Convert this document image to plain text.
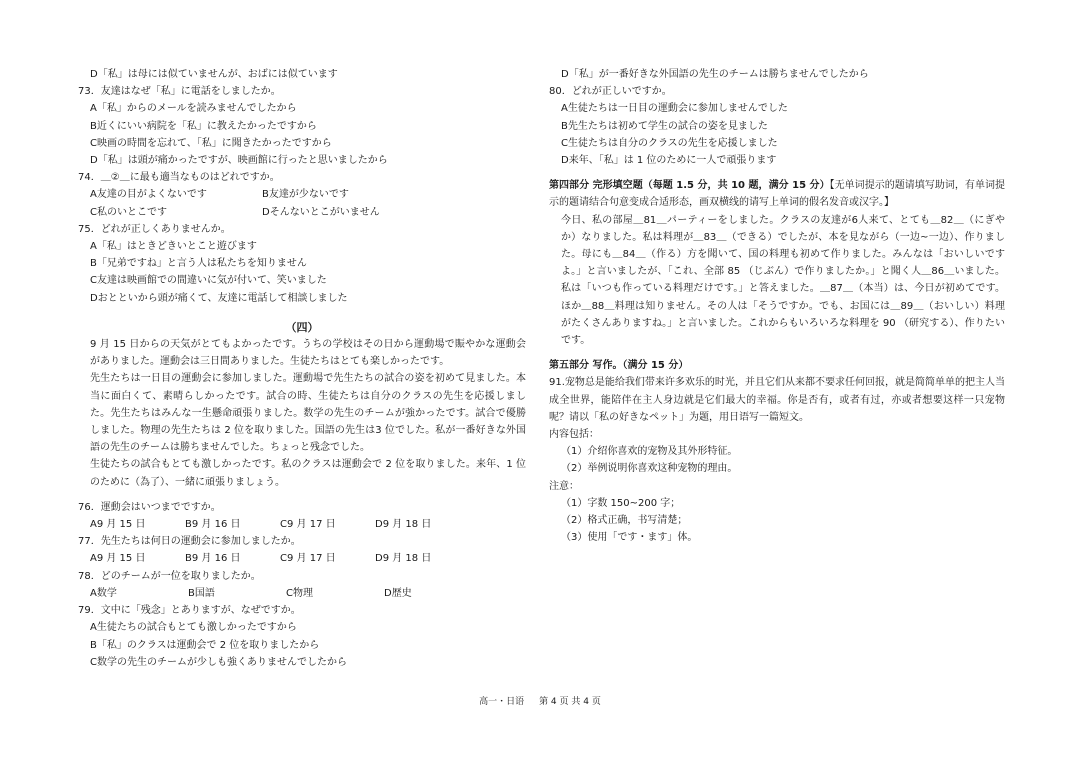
D「私」は母には似ていませんが、おばには似ています
73．友達はなぜ「私」に電話をしましたか。
A「私」からのメールを読みませんでしたから
B近くにいい病院を「私」に教えたかったですから
C映画の時間を忘れて、「私」に聞きたかったですから
D「私」は頭が痛かったですが、映画館に行ったと思いましたから
74．＿②＿に最も適当なものはどれですか。
A友達の目がよくないです	B友達が少ないです
C私のいとこです	Dそんないとこがいません
75．どれが正しくありませんか。
A「私」はときどきいとこと遊びます
B「兄弟ですね」と言う人は私たちを知りません
C友達は映画館での間違いに気が付いて、笑いました
Dおとといから頭が痛くて、友達に電話して相談しました
（四）
9 月 15 日からの天気がとてもよかったです。うちの学校はその日から運動場で賑やかな運動会がありました。運動会は三日間ありました。生徒たちはとても楽しかったです。
先生たちは一日目の運動会に参加しました。運動場で先生たちの試合の姿を初めて見ました。本当に面白くて、素晴らしかったです。試合の時、生徒たちは自分のクラスの先生を応援しました。先生たちはみんな一生懸命頑張りました。数学の先生のチームが強かったです。試合で優勝しました。物理の先生たちは 2 位を取りました。国語の先生は3 位でした。私が一番好きな外国語の先生のチームは勝ちませんでした。ちょっと残念でした。
生徒たちの試合もとても激しかったです。私のクラスは運動会で 2 位を取りました。来年、1 位のために（為了）、一緒に頑張りましょう。
76．運動会はいつまでですか。
A9 月 15 日	B9 月 16 日	C9 月 17 日	D9 月 18 日
77．先生たちは何日の運動会に参加しましたか。
A9 月 15 日	B9 月 16 日	C9 月 17 日	D9 月 18 日
78．どのチームが一位を取りましたか。
A数学	B国語	C物理	D歴史
79．文中に「残念」とありますが、なぜですか。
A生徒たちの試合もとても激しかったですから
B「私」のクラスは運動会で 2 位を取りましたから
C数学の先生のチームが少しも強くありませんでしたから
D「私」が一番好きな外国語の先生のチームは勝ちませんでしたから
80．どれが正しいですか。
A生徒たちは一日目の運動会に参加しませんでした
B先生たちは初めて学生の試合の姿を見ました
C生徒たちは自分のクラスの先生を応援しました
D来年、「私」は 1 位のために一人で頑張ります
第四部分 完形填空题（每题 1.5 分，共 10 题，满分 15 分）【无单词提示的题请填写助词，有单词提示的题请结合句意变成合适形态，画双横线的请写上单词的假名发音或汉字。】
今日、私の部屋＿81＿パーティーをしました。クラスの友達が6人来て、とても＿82＿（にぎやか）なりました。私は料理が＿83＿（できる）でしたが、本を見ながら（一边~一边）、作りました。母にも＿84＿（作る）方を聞いて、国の料理も初めて作りました。みんなは「おいしいですよ。」と言いましたが、「これ、全部 85 （じぶん）で作りましたか。」と聞く人＿86＿いました。私は「いつも作っている料理だけです。」と答えました。＿87＿（本当）は、今日が初めてです。ほか＿88＿料理は知りません。その人は「そうですか。でも、お国には＿89＿（おいしい）料理がたくさんありますね。」と言いました。これからもいろいろな料理を 90 （研究する）、作りたいです。
第五部分 写作。（满分 15 分）
91.宠物总是能给我们带来许多欢乐的时光，并且它们从来都不要求任何回报，就是简简单单的把主人当成全世界，能陪伴在主人身边就是它们最大的幸福。你是否有，或者有过，亦或者想要这样一只宠物呢？请以「私の好きなペット」为题，用日语写一篇短文。
内容包括：
（1）介绍你喜欢的宠物及其外形特征。
（2）举例说明你喜欢这种宠物的理由。
注意：
（1）字数 150~200 字；
（2）格式正确，书写清楚；
（3）使用「です・ます」体。
高一・日语 第 4 页 共 4 页
